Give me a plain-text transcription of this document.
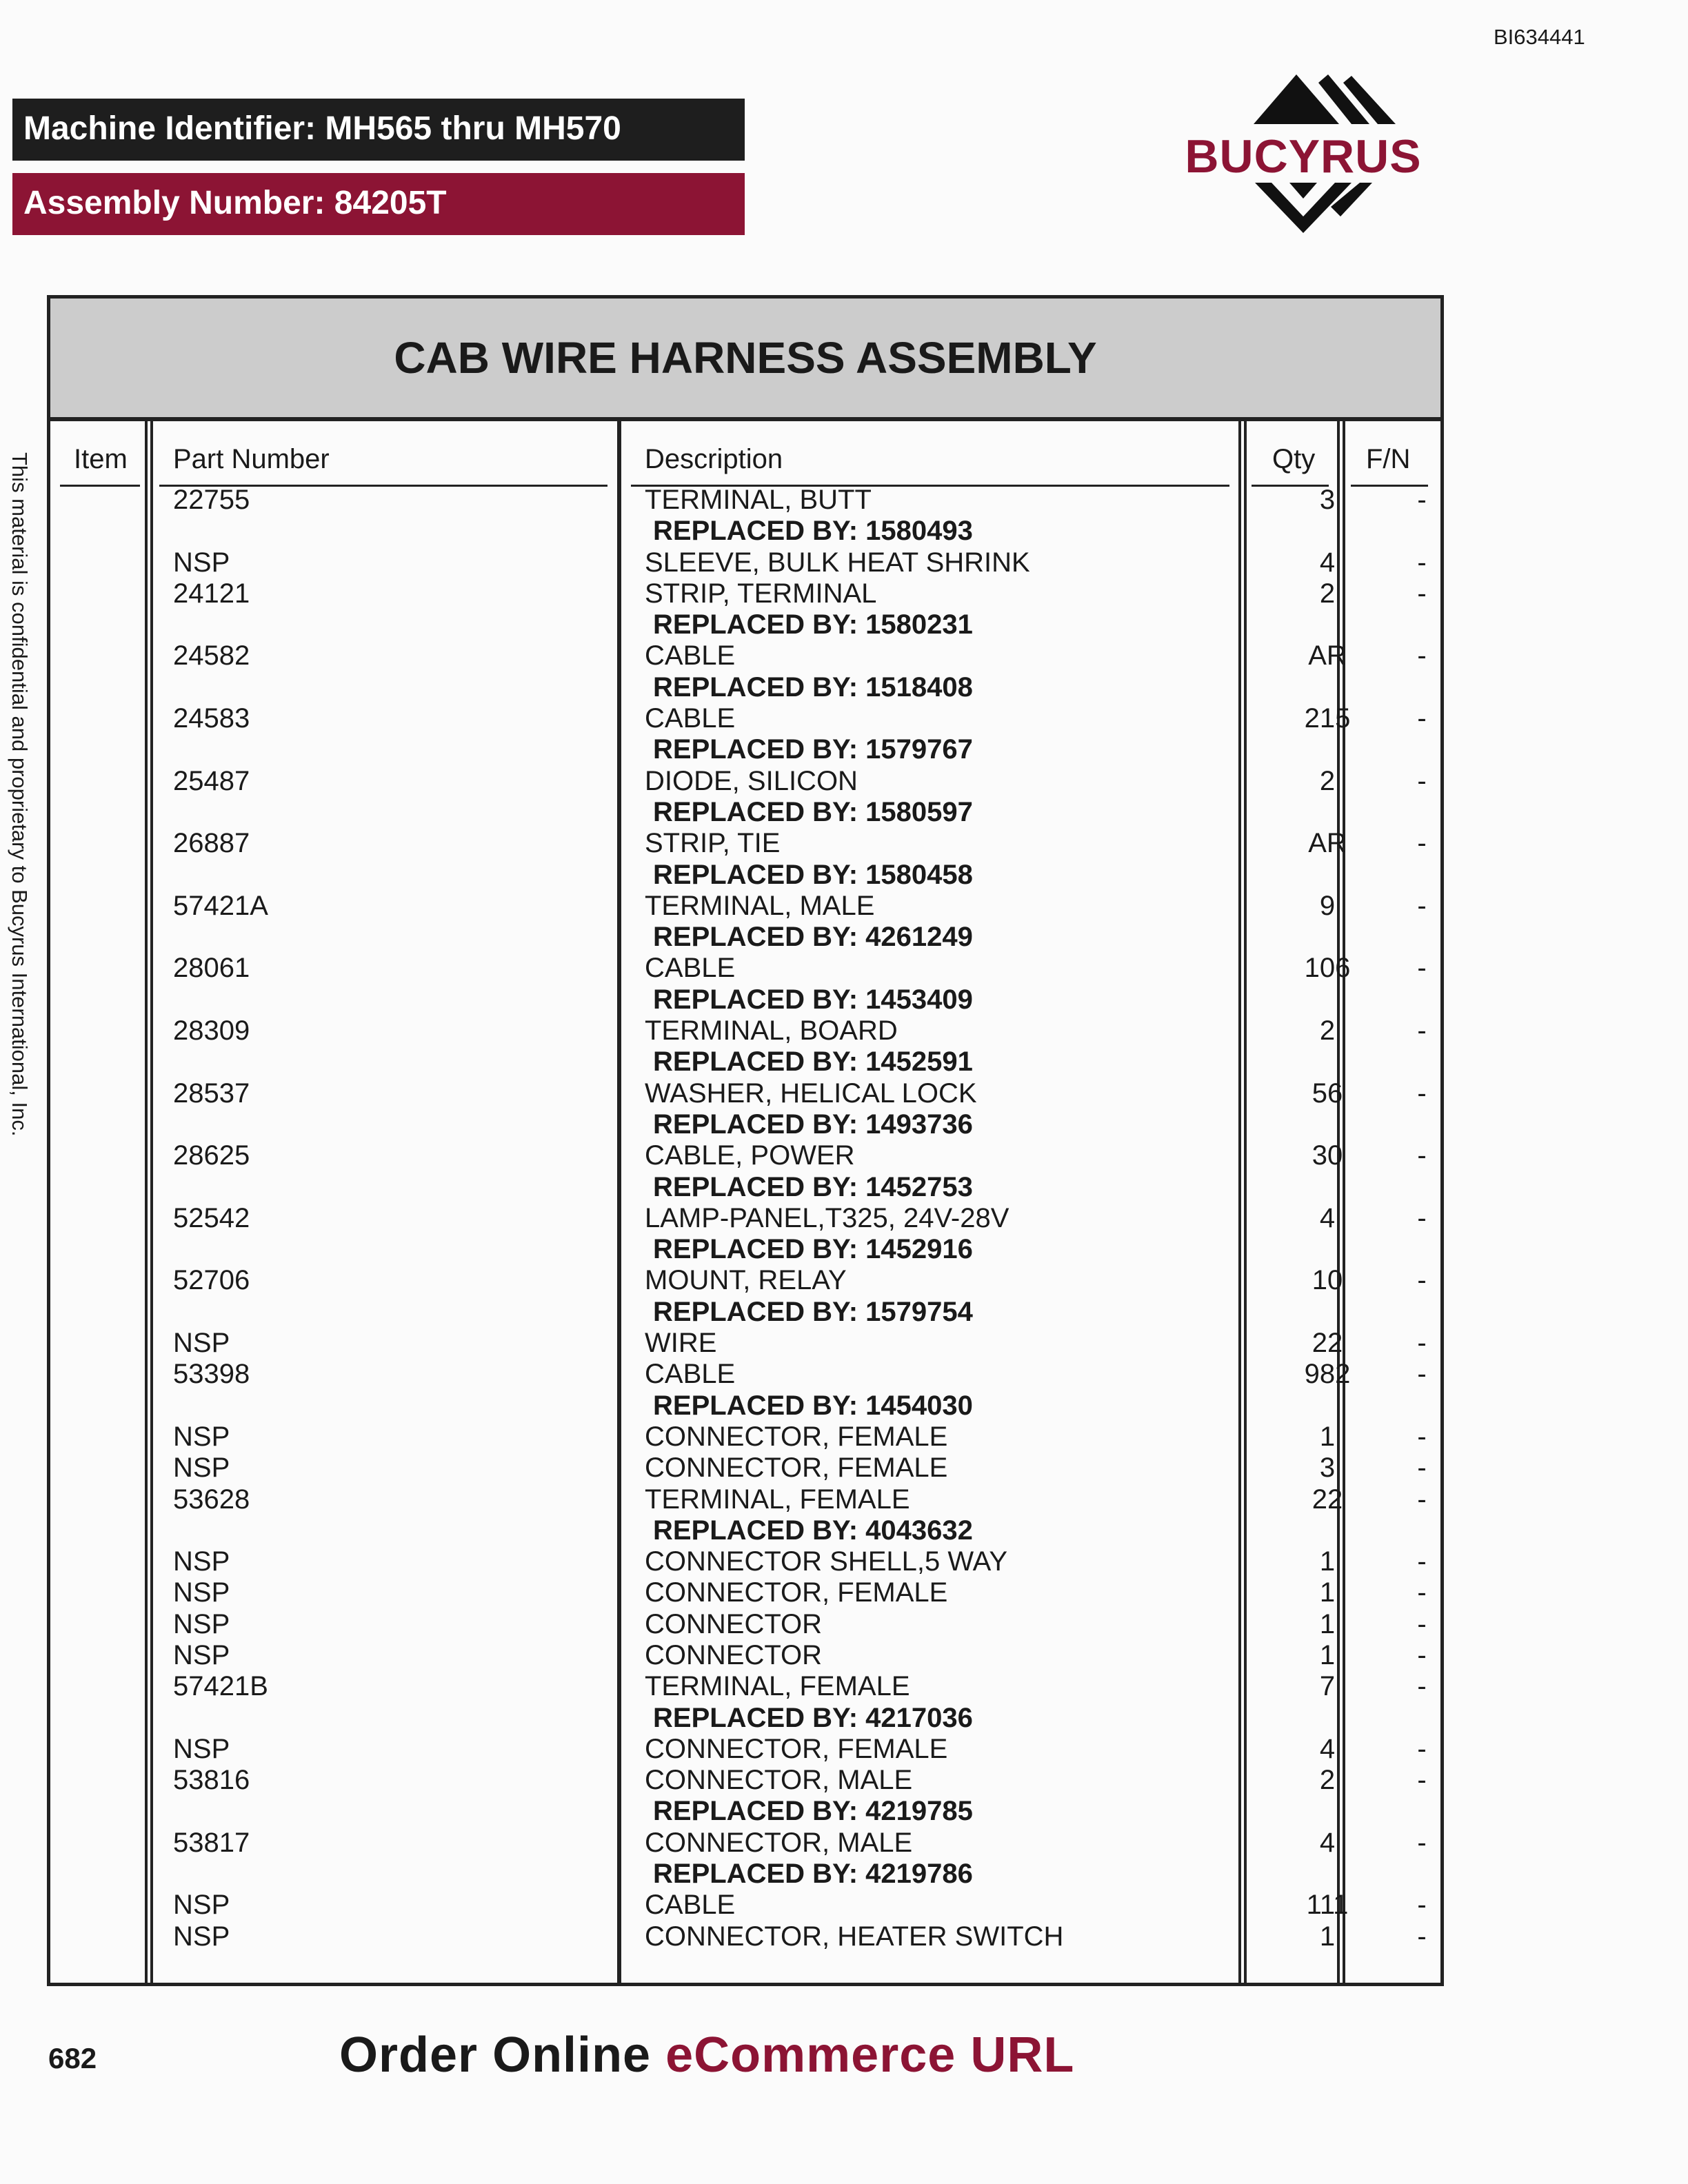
BI634441
Machine Identifier: MH565 thru MH570
Assembly Number: 84205T
BUCYRUS
This material is confidential and proprietary to Bucyrus International, Inc.
CAB WIRE HARNESS ASSEMBLY
Item Part Number	Description	Qty F/N
22755	TERMINAL, BUTT	3	-
REPLACED BY: 1580493
NSP	SLEEVE, BULK HEAT SHRINK	4	-
24121	STRIP, TERMINAL	2	-
REPLACED BY: 1580231
24582	CABLE	AR	-
REPLACED BY: 1518408
24583	CABLE	215	-
REPLACED BY: 1579767
25487	DIODE, SILICON	2	-
REPLACED BY: 1580597
26887	STRIP, TIE	AR	-
REPLACED BY: 1580458
57421A	TERMINAL, MALE	9	-
REPLACED BY: 4261249
28061	CABLE	106	-
REPLACED BY: 1453409
28309	TERMINAL, BOARD	2	-
REPLACED BY: 1452591
28537	WASHER, HELICAL LOCK	56	-
REPLACED BY: 1493736
28625	CABLE, POWER	30	-
REPLACED BY: 1452753
52542	LAMP-PANEL,T325, 24V-28V	4	-
REPLACED BY: 1452916
52706	MOUNT, RELAY	10	-
REPLACED BY: 1579754
NSP	WIRE	22	-
53398	CABLE	982	-
REPLACED BY: 1454030
NSP	CONNECTOR, FEMALE	1	-
NSP	CONNECTOR, FEMALE	3	-
53628	TERMINAL, FEMALE	22	-
REPLACED BY: 4043632
NSP	CONNECTOR SHELL,5 WAY	1	-
NSP	CONNECTOR, FEMALE	1	-
NSP	CONNECTOR	1	-
NSP	CONNECTOR	1	-
57421B	TERMINAL, FEMALE	7	-
REPLACED BY: 4217036
NSP	CONNECTOR, FEMALE	4	-
53816	CONNECTOR, MALE	2	-
REPLACED BY: 4219785
53817	CONNECTOR, MALE	4	-
REPLACED BY: 4219786
NSP	CABLE	111	-
NSP	CONNECTOR, HEATER SWITCH	1	-
682	Order Online eCommerce URL
